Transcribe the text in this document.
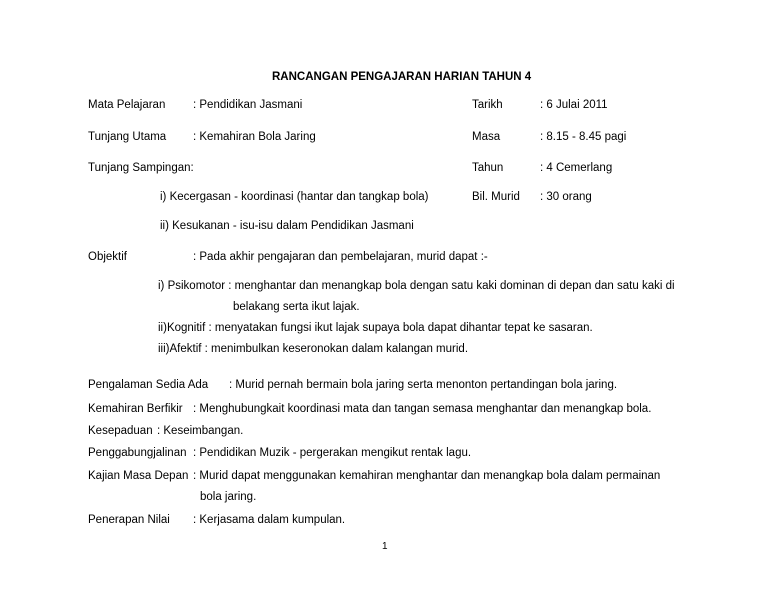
RANCANGAN PENGAJARAN HARIAN TAHUN 4
Mata Pelajaran : Pendidikan Jasmani
Tunjang Utama : Kemahiran Bola Jaring
Tunjang Sampingan:
Tarikh	: 6 Julai 2011
Masa	: 8.15 - 8.45 pagi
Tahun	: 4 Cemerlang
Bil. Murid : 30 orang
i) Kecergasan - koordinasi (hantar dan tangkap bola)
ii) Kesukanan - isu-isu dalam Pendidikan Jasmani
Objektif	: Pada akhir pengajaran dan pembelajaran, murid dapat :-
i) Psikomotor : menghantar dan menangkap bola dengan satu kaki dominan di depan dan satu kaki di
belakang serta ikut lajak.
ii)Kognitif : menyatakan fungsi ikut lajak supaya bola dapat dihantar tepat ke sasaran.
iii)Afektif : menimbulkan keseronokan dalam kalangan murid.
Pengalaman Sedia Ada : Murid pernah bermain bola jaring serta menonton pertandingan bola jaring.
Kemahiran Berfikir : Menghubungkait koordinasi mata dan tangan semasa menghantar dan menangkap bola.
Kesepaduan : Keseimbangan.
Penggabungjalinan : Pendidikan Muzik - pergerakan mengikut rentak lagu.
Kajian Masa Depan : Murid dapat menggunakan kemahiran menghantar dan menangkap bola dalam permainan
bola jaring.
Penerapan Nilai : Kerjasama dalam kumpulan.
1
